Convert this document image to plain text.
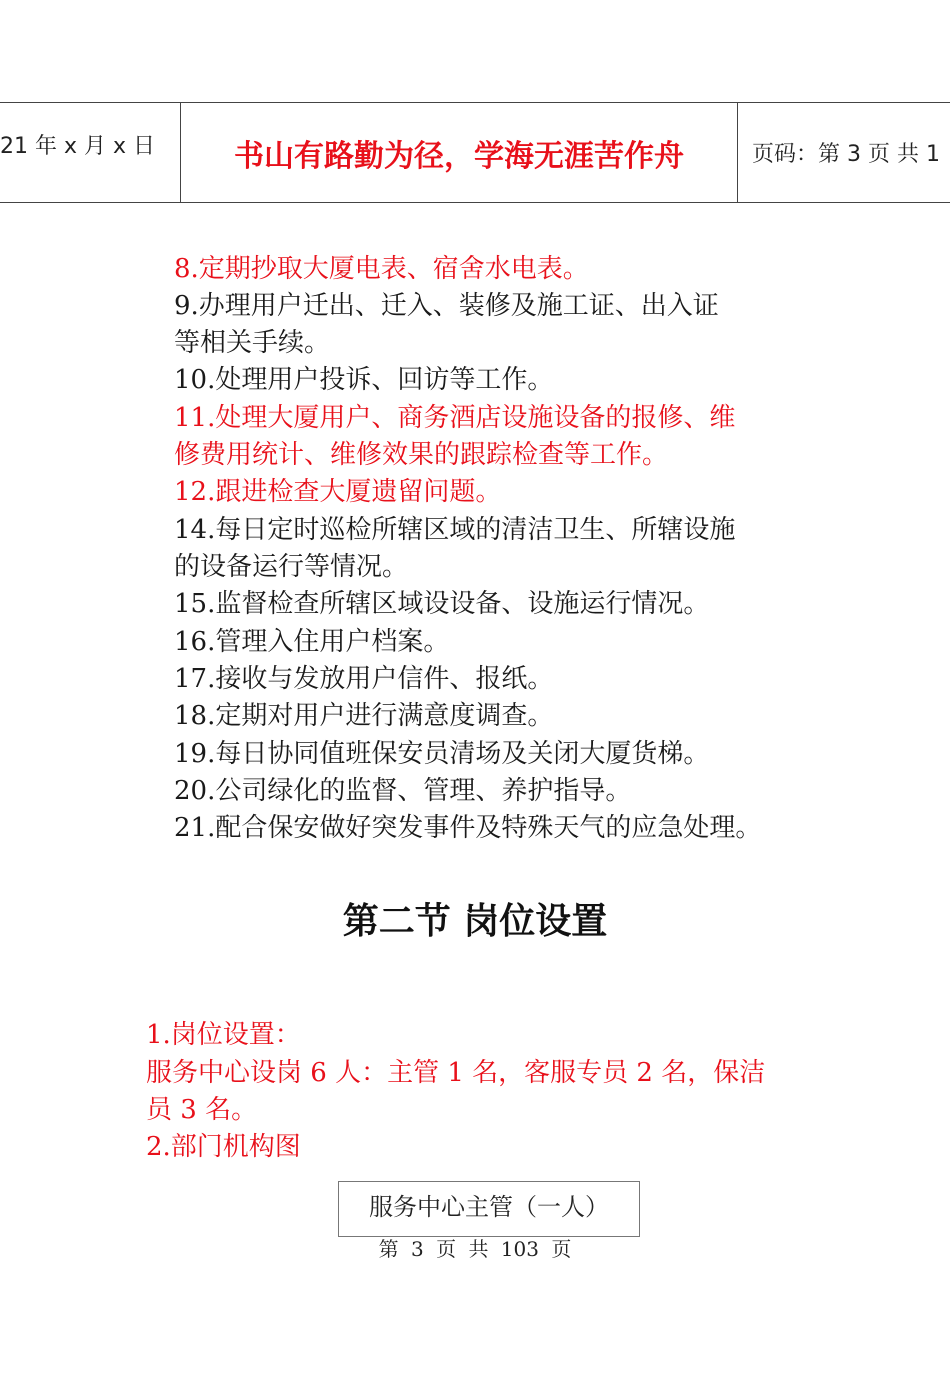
21 年 x 月 x 日	书山有路勤为径，学海无涯苦作舟	页码：第 3 页 共 1
8.定期抄取大厦电表、宿舍水电表。
9.办理用户迁出、迁入、装修及施工证、出入证
等相关手续。
10.处理用户投诉、回访等工作。
11.处理大厦用户、商务酒店设施设备的报修、维
修费用统计、维修效果的跟踪检查等工作。
12.跟进检查大厦遗留问题。
14.每日定时巡检所辖区域的清洁卫生、所辖设施
的设备运行等情况。
15.监督检查所辖区域设设备、设施运行情况。
16.管理入住用户档案。
17.接收与发放用户信件、报纸。
18.定期对用户进行满意度调查。
19.每日协同值班保安员清场及关闭大厦货梯。
20.公司绿化的监督、管理、养护指导。
21.配合保安做好突发事件及特殊天气的应急处理。
第二节 岗位设置
1.岗位设置：
服务中心设岗 6 人：主管 1 名，客服专员 2 名，保洁
员 3 名。
2.部门机构图
服务中心主管（一人）
第 3 页 共 103 页
